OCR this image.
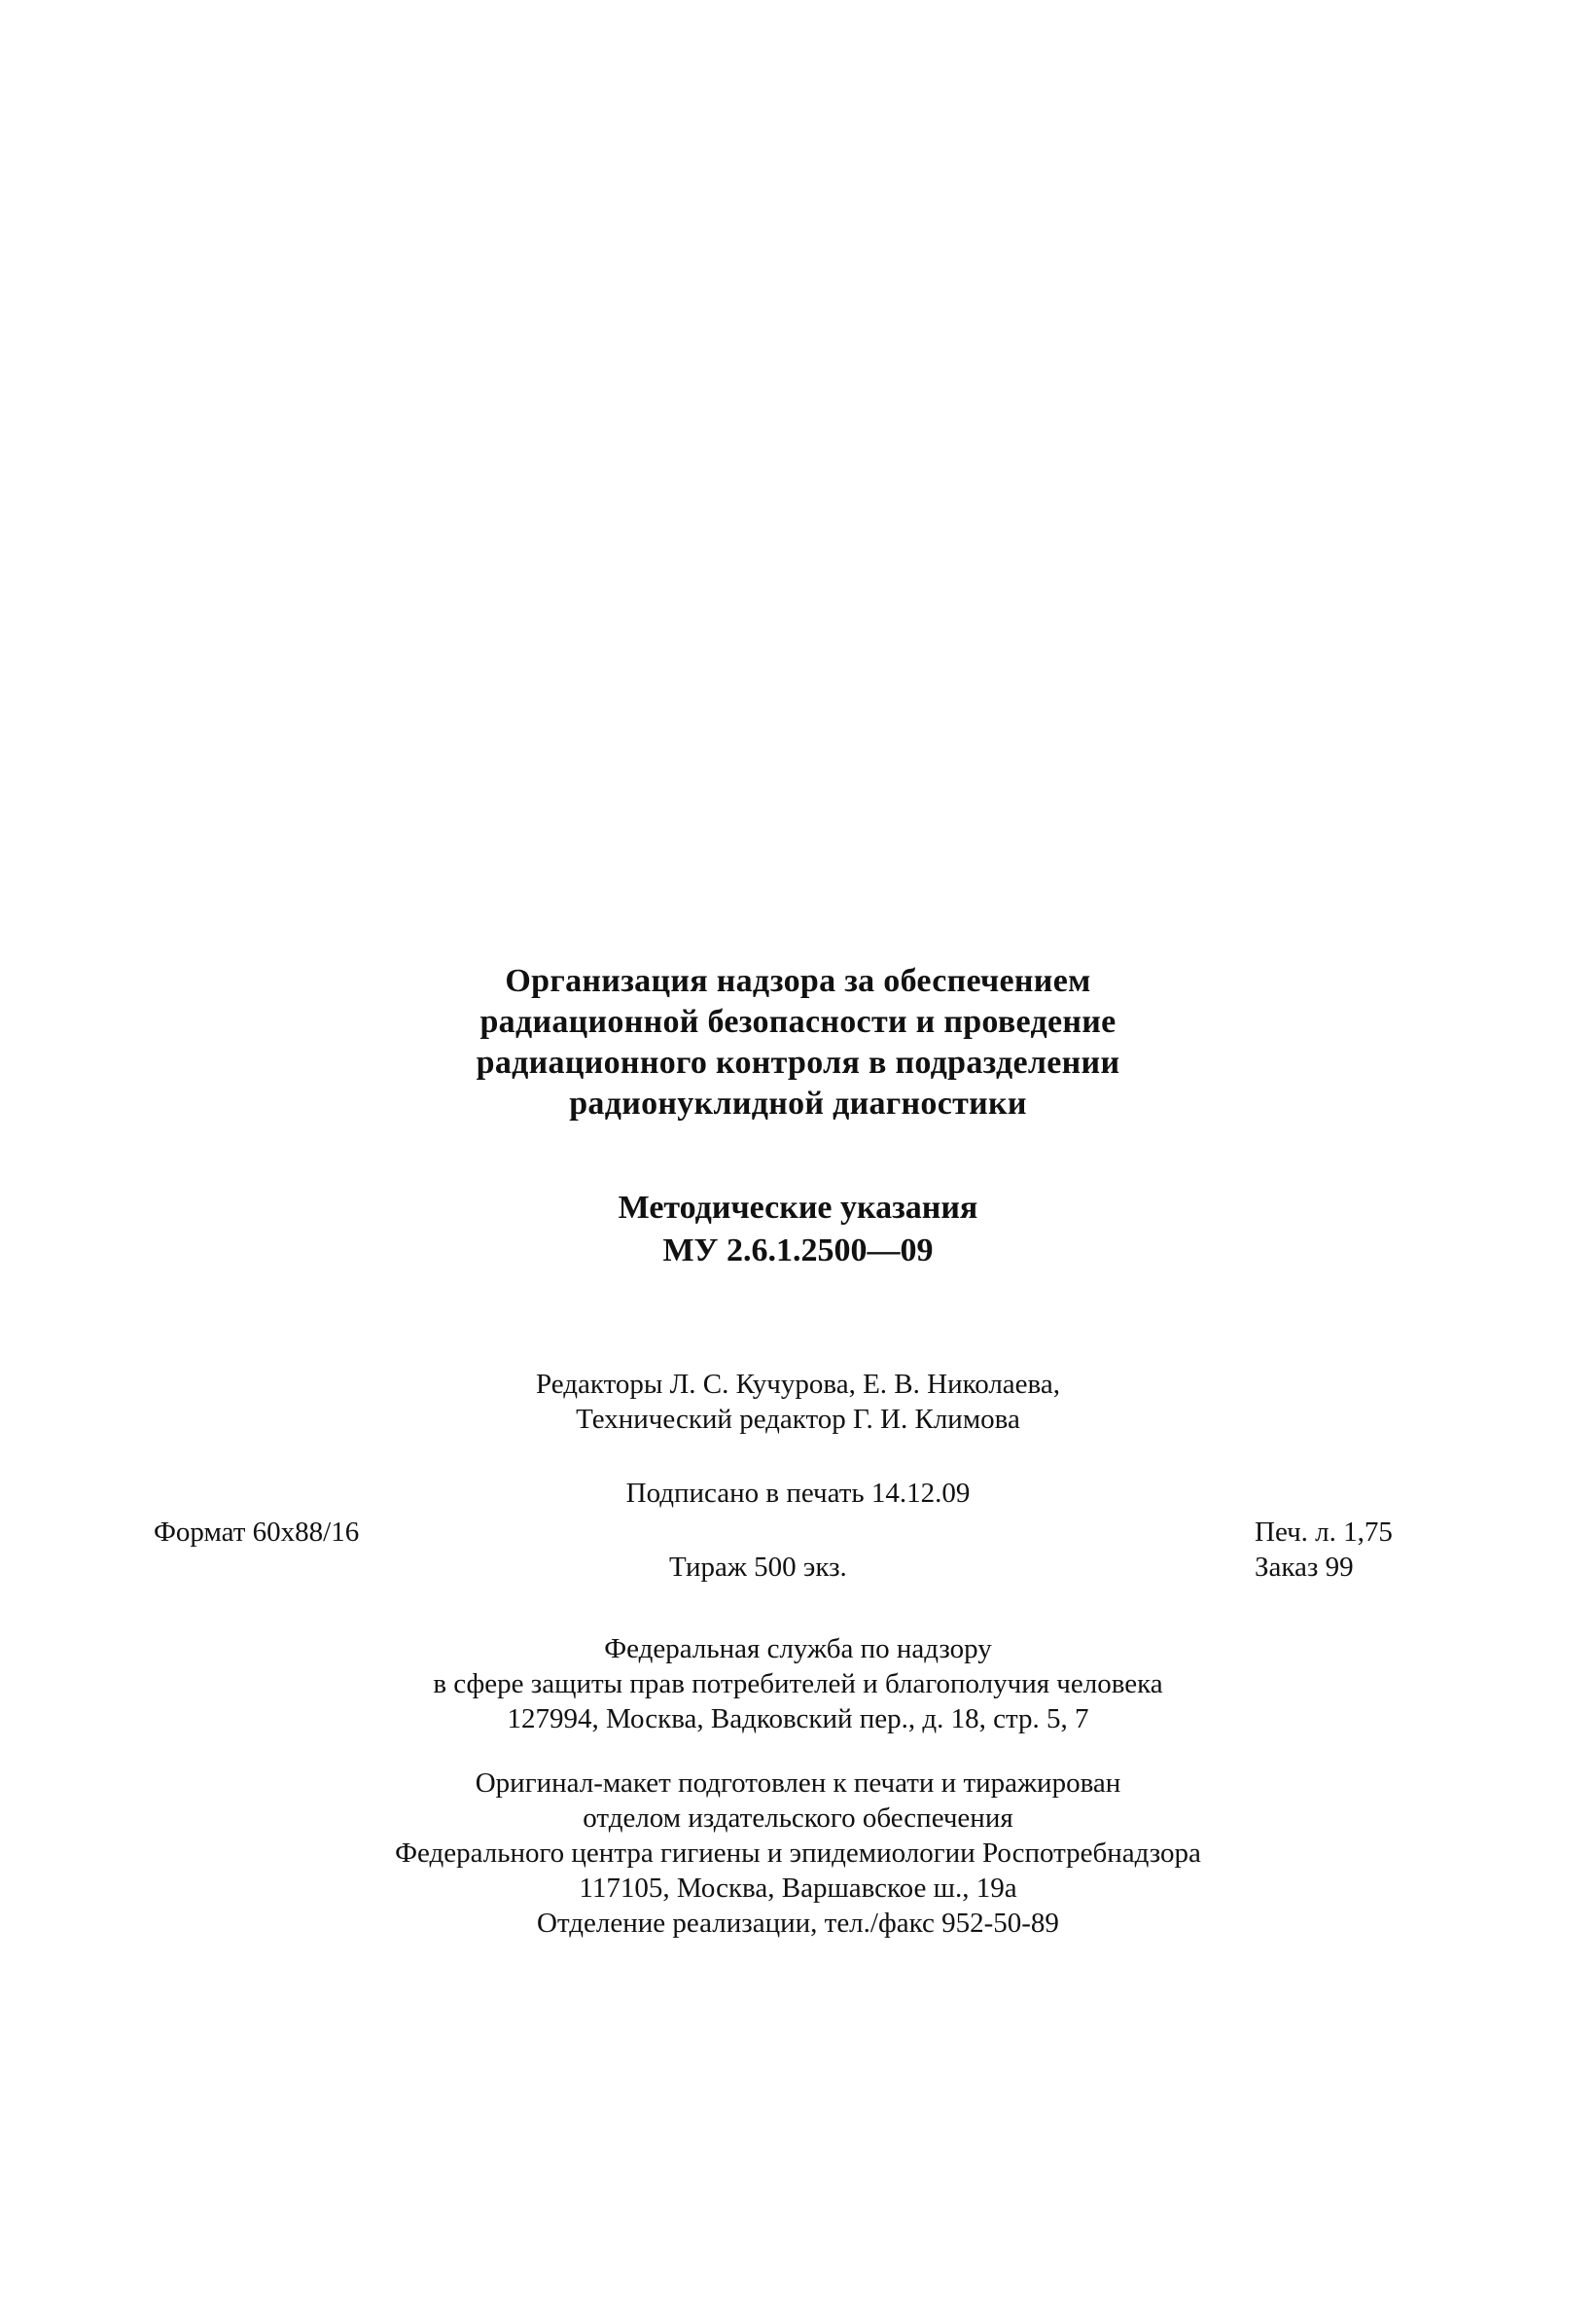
Организация надзора за обеспечением
радиационной безопасности и проведение
радиационного контроля в подразделении
радионуклидной диагностики
Методические указания
МУ 2.6.1.2500—09
Редакторы Л. С. Кучурова, Е. В. Николаева,
Технический редактор Г. И. Климова
Подписано в печать 14.12.09
Формат 60x88/16	Печ. л. 1,75
Тираж 500 экз.	Заказ 99
Федеральная служба по надзору
в сфере защиты прав потребителей и благополучия человека
127994, Москва, Вадковский пер., д. 18, стр. 5, 7
Оригинал-макет подготовлен к печати и тиражирован
отделом издательского обеспечения
Федерального центра гигиены и эпидемиологии Роспотребнадзора
117105, Москва, Варшавское ш., 19а
Отделение реализации, тел./факс 952-50-89
